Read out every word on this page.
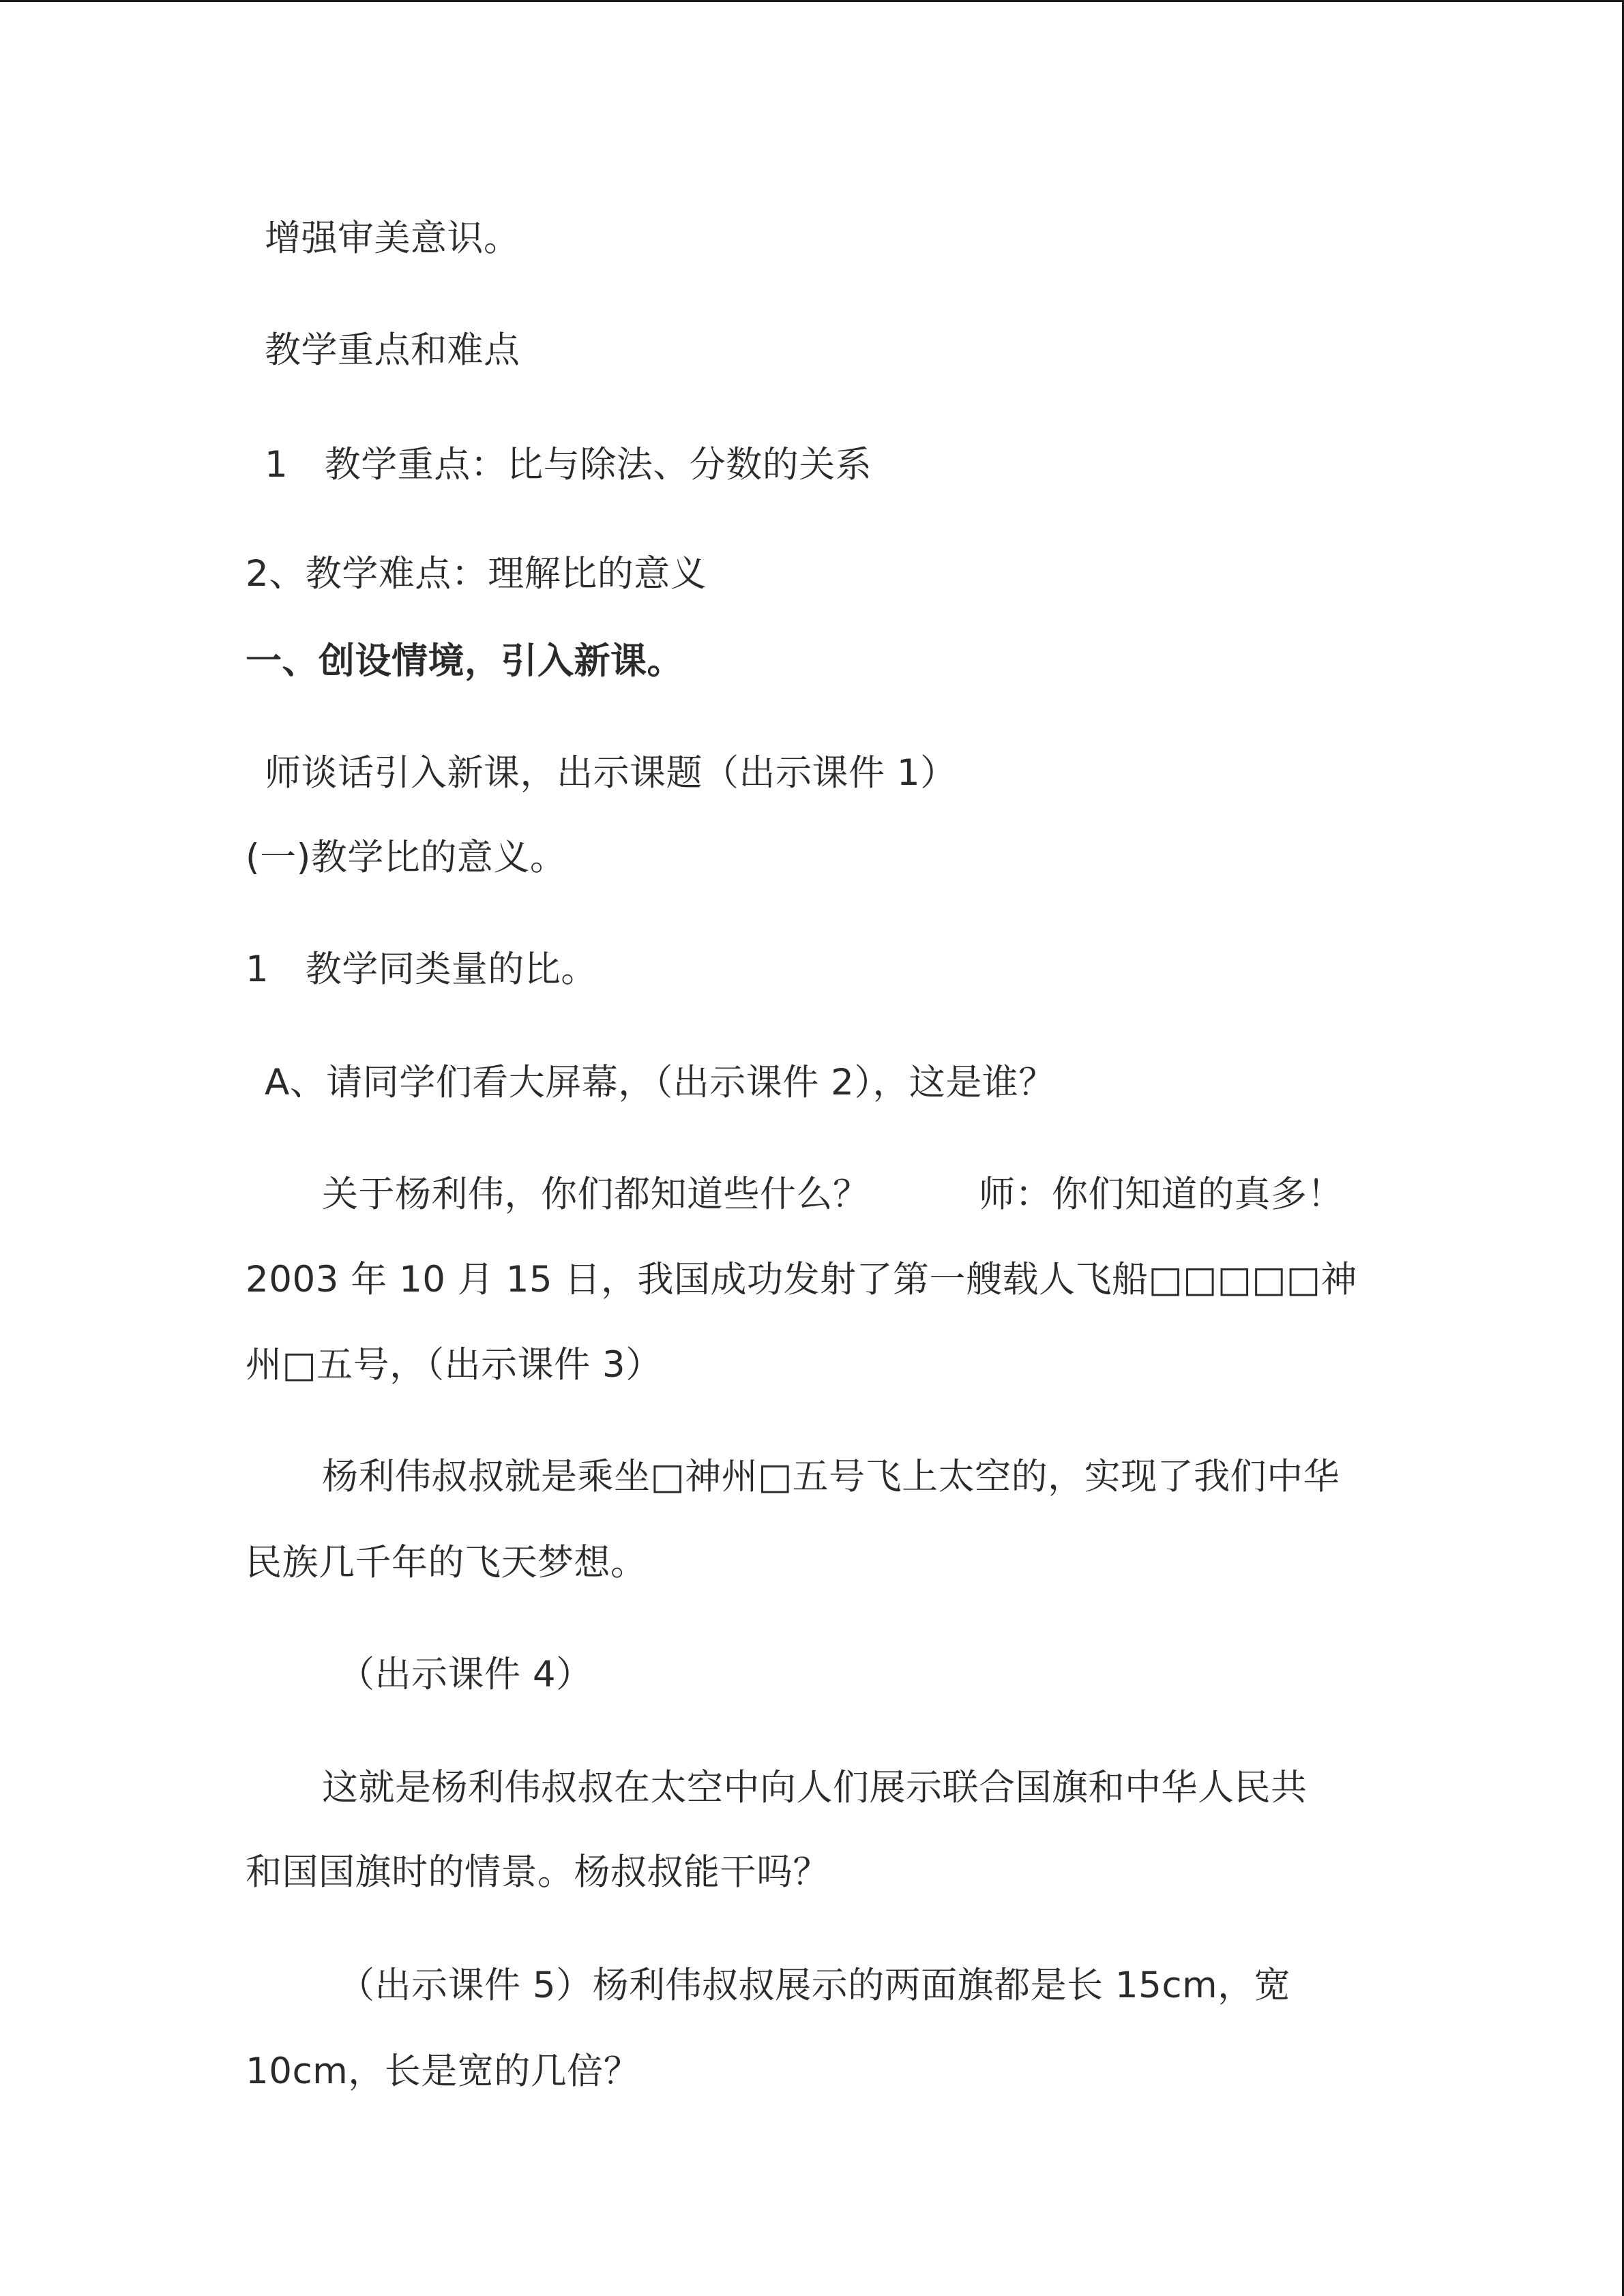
增强审美意识。
教学重点和难点
1　教学重点：比与除法、分数的关系
2、教学难点：理解比的意义
一、创设情境，引入新课。
师谈话引入新课，出示课题（出示课件 1）
(一)教学比的意义。
1　教学同类量的比。
A、请同学们看大屏幕，（出示课件 2），这是谁？
关于杨利伟，你们都知道些什么？　　　师：你们知道的真多！
2003 年 10 月 15 日，我国成功发射了第一艘载人飞船□□□□□神
州□五号，（出示课件 3）
杨利伟叔叔就是乘坐□神州□五号飞上太空的，实现了我们中华
民族几千年的飞天梦想。
（出示课件 4）
这就是杨利伟叔叔在太空中向人们展示联合国旗和中华人民共
和国国旗时的情景。杨叔叔能干吗？
（出示课件 5）杨利伟叔叔展示的两面旗都是长 15cm，宽
10cm，长是宽的几倍？
